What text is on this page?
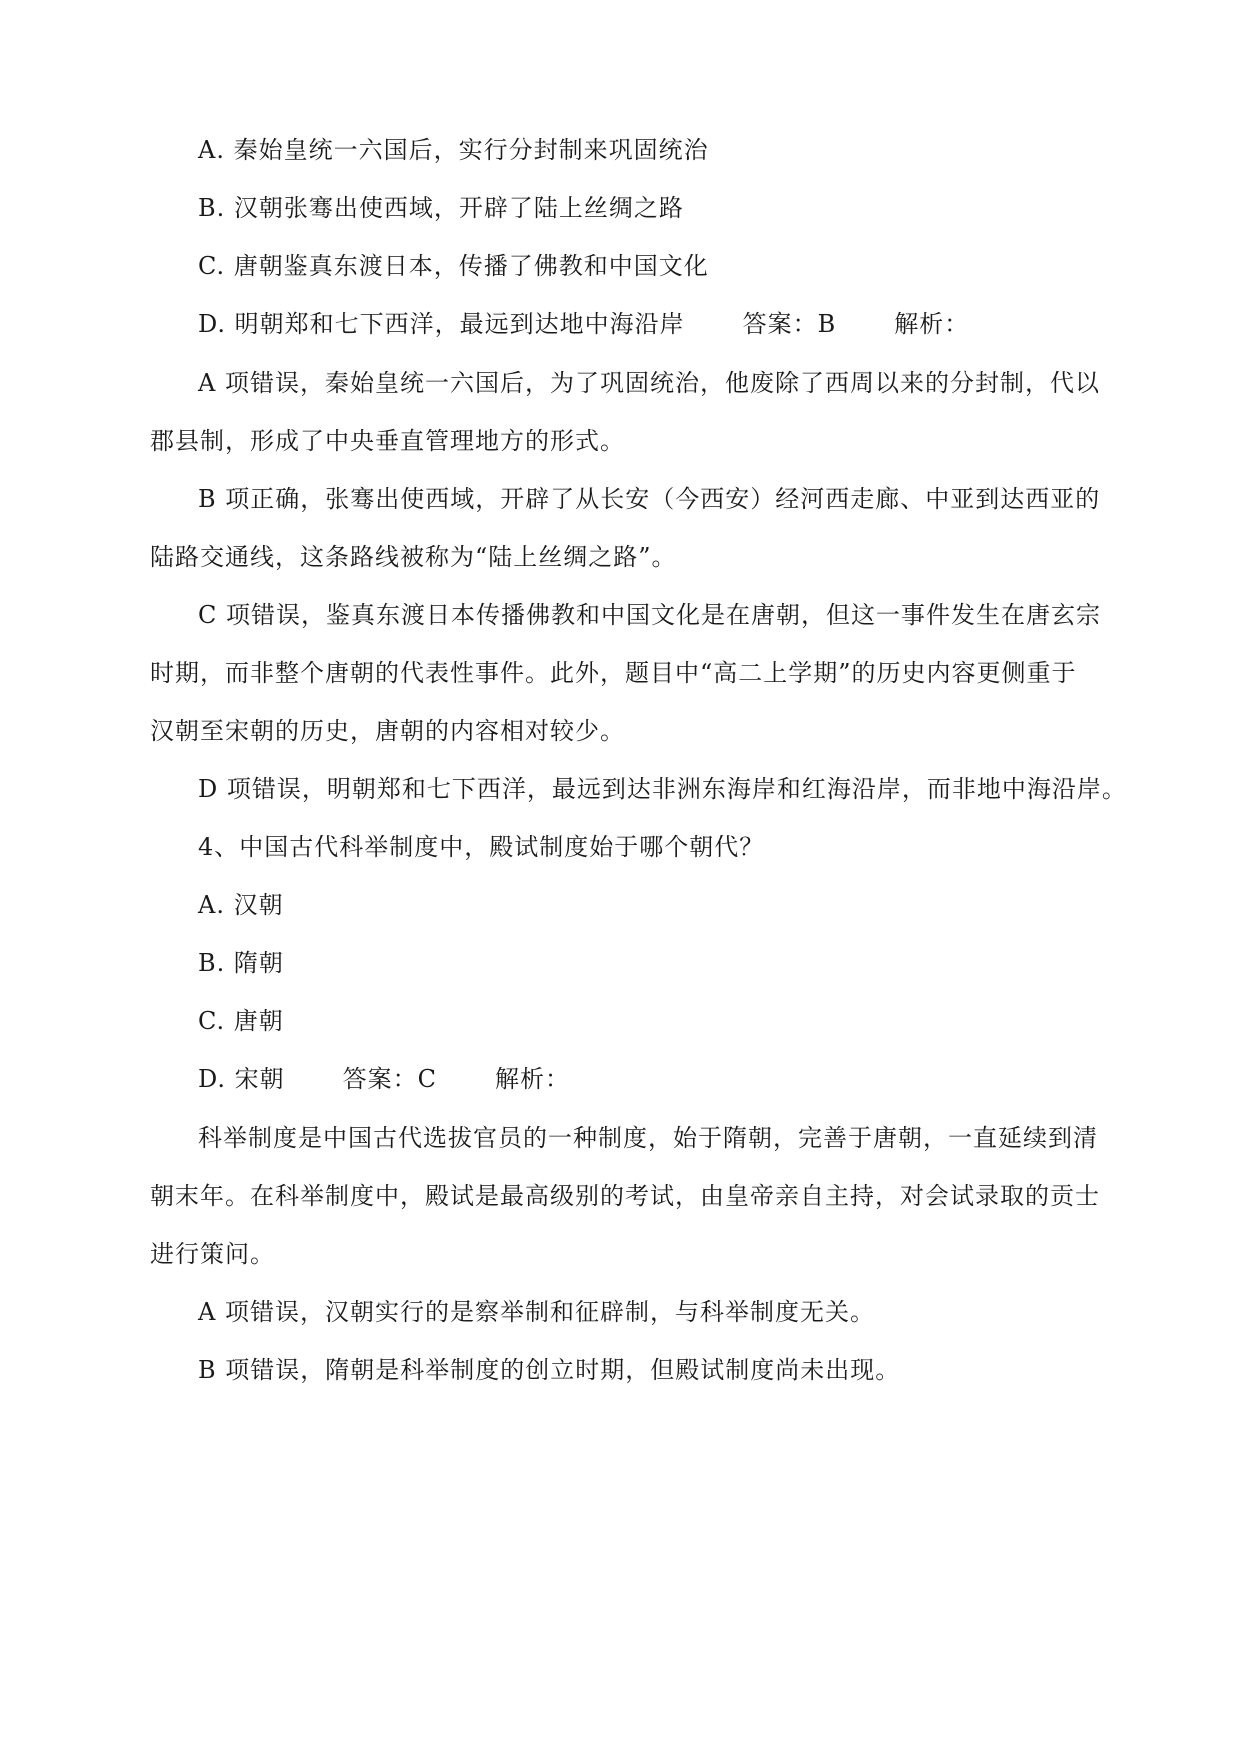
A. 秦始皇统一六国后，实行分封制来巩固统治
B. 汉朝张骞出使西域，开辟了陆上丝绸之路
C. 唐朝鉴真东渡日本，传播了佛教和中国文化
D. 明朝郑和七下西洋，最远到达地中海沿岸 答案：B 解析：
A 项错误，秦始皇统一六国后，为了巩固统治，他废除了西周以来的分封制，代以
郡县制，形成了中央垂直管理地方的形式。
B 项正确，张骞出使西域，开辟了从长安（今西安）经河西走廊、中亚到达西亚的
陆路交通线，这条路线被称为“陆上丝绸之路”。
C 项错误，鉴真东渡日本传播佛教和中国文化是在唐朝，但这一事件发生在唐玄宗
时期，而非整个唐朝的代表性事件。此外，题目中“高二上学期”的历史内容更侧重于
汉朝至宋朝的历史，唐朝的内容相对较少。
D 项错误，明朝郑和七下西洋，最远到达非洲东海岸和红海沿岸，而非地中海沿岸。
4、中国古代科举制度中，殿试制度始于哪个朝代？
A. 汉朝
B. 隋朝
C. 唐朝
D. 宋朝 答案：C 解析：
科举制度是中国古代选拔官员的一种制度，始于隋朝，完善于唐朝，一直延续到清
朝末年。在科举制度中，殿试是最高级别的考试，由皇帝亲自主持，对会试录取的贡士
进行策问。
A 项错误，汉朝实行的是察举制和征辟制，与科举制度无关。
B 项错误，隋朝是科举制度的创立时期，但殿试制度尚未出现。
